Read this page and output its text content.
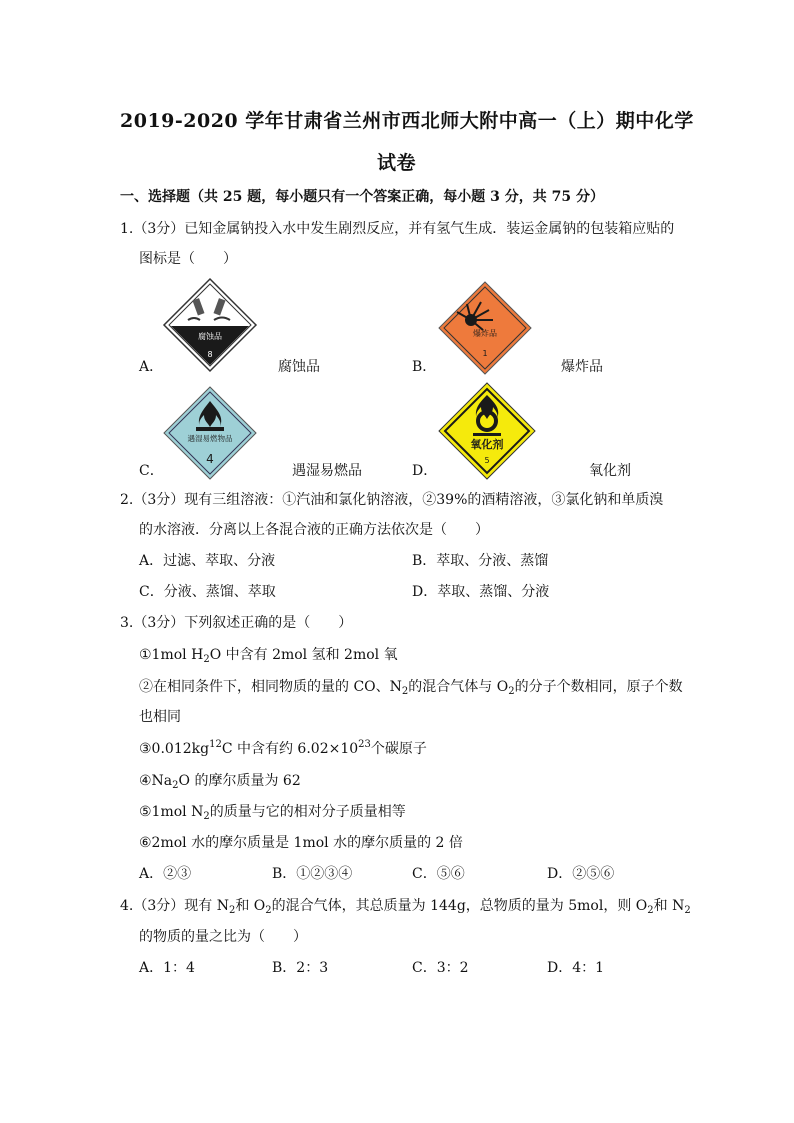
2019-2020 学年甘肃省兰州市西北师大附中高一（上）期中化学
试卷
一、选择题（共 25 题，每小题只有一个答案正确，每小题 3 分，共 75 分）
1.（3分）已知金属钠投入水中发生剧烈反应，并有氢气生成．装运金属钠的包装箱应贴的
图标是（　　）
A．
腐蚀品
8
腐蚀品	B．
爆炸品
1
爆炸品
C．
遇湿易燃物品
4
遇湿易燃品	D．
氧化剂
5
氧化剂
2.（3分）现有三组溶液：①汽油和氯化钠溶液，②39%的酒精溶液，③氯化钠和单质溴
的水溶液．分离以上各混合液的正确方法依次是（　　）
A．过滤、萃取、分液	B．萃取、分液、蒸馏
C．分液、蒸馏、萃取	D．萃取、蒸馏、分液
3.（3分）下列叙述正确的是（　　）
①1mol $H_2O$ 中含有 2mol 氢和 2mol 氧
②在相同条件下，相同物质的量的 CO、$N_2$的混合气体与 $O_2$的分子个数相同，原子个数
也相同
$③0.012kg^{12}C$ 中含有约 $6.02\times 10^{23}$个碳原子
$④Na_2O$ 的摩尔质量为 62
⑤1mol $N_2$的质量与它的相对分子质量相等
⑥2mol 水的摩尔质量是 1mol 水的摩尔质量的 2 倍
A．②③	B．①②③④	C．⑤⑥	D．②⑤⑥
4.（3分）现有 $N_2$和 $O_2$的混合气体，其总质量为 144g，总物质的量为 5mol，则 $O_2$和 $N_2$
的物质的量之比为（　　）
A．1：4	B．2：3	C．3：2	D．4：1
